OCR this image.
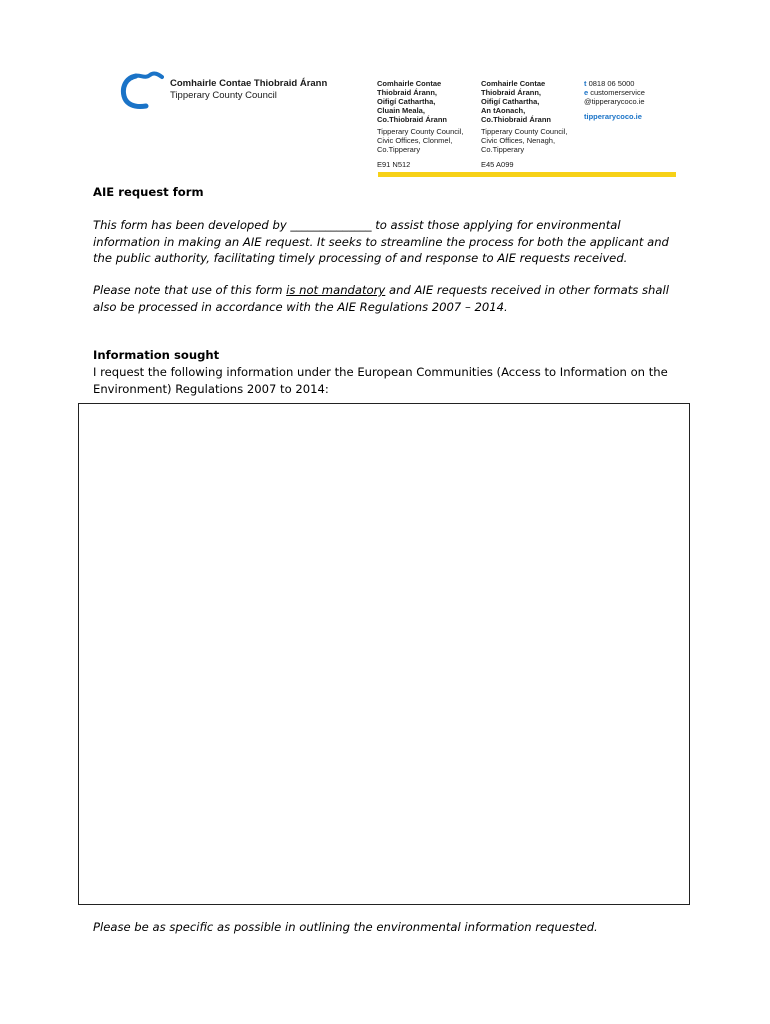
Comhairle Contae Thiobraid Árann
Tipperary County Council
Comhairle Contae
Thiobraid Árann,
Oifigí Cathartha,
Cluain Meala,
Co.Thiobraid Árann
Tipperary County Council,
Civic Offices, Clonmel,
Co.Tipperary
E91 N512
Comhairle Contae
Thiobraid Árann,
Oifigí Cathartha,
An tAonach,
Co.Thiobraid Árann
Tipperary County Council,
Civic Offices, Nenagh,
Co.Tipperary
E45 A099
t 0818 06 5000
e customerservice
@tipperarycoco.ie
tipperarycoco.ie
AIE request form
This form has been developed by ______________ to assist those applying for environmental information in making an AIE request. It seeks to streamline the process for both the applicant and the public authority, facilitating timely processing of and response to AIE requests received.
Please note that use of this form is not mandatory and AIE requests received in other formats shall also be processed in accordance with the AIE Regulations 2007 – 2014.
Information sought
I request the following information under the European Communities (Access to Information on the Environment) Regulations 2007 to 2014:
Please be as specific as possible in outlining the environmental information requested.
